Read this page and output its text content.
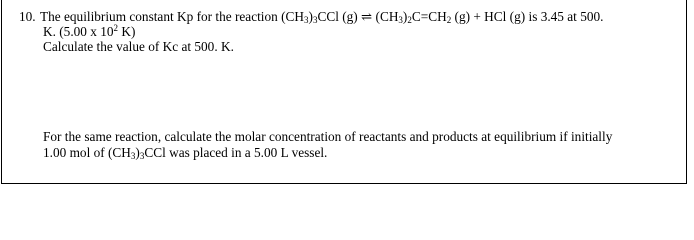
10. The equilibrium constant Kp for the reaction $(CH_3)_3CCl$ (g) ⇌ $(CH_3)_2C=CH_2$ (g) + HCl (g) is 3.45 at 500.
K. (5.00 x $10^2$ K)
Calculate the value of Kc at 500. K.
For the same reaction, calculate the molar concentration of reactants and products at equilibrium if initially
1.00 mol of $(CH_3)_3CCl$ was placed in a 5.00 L vessel.
